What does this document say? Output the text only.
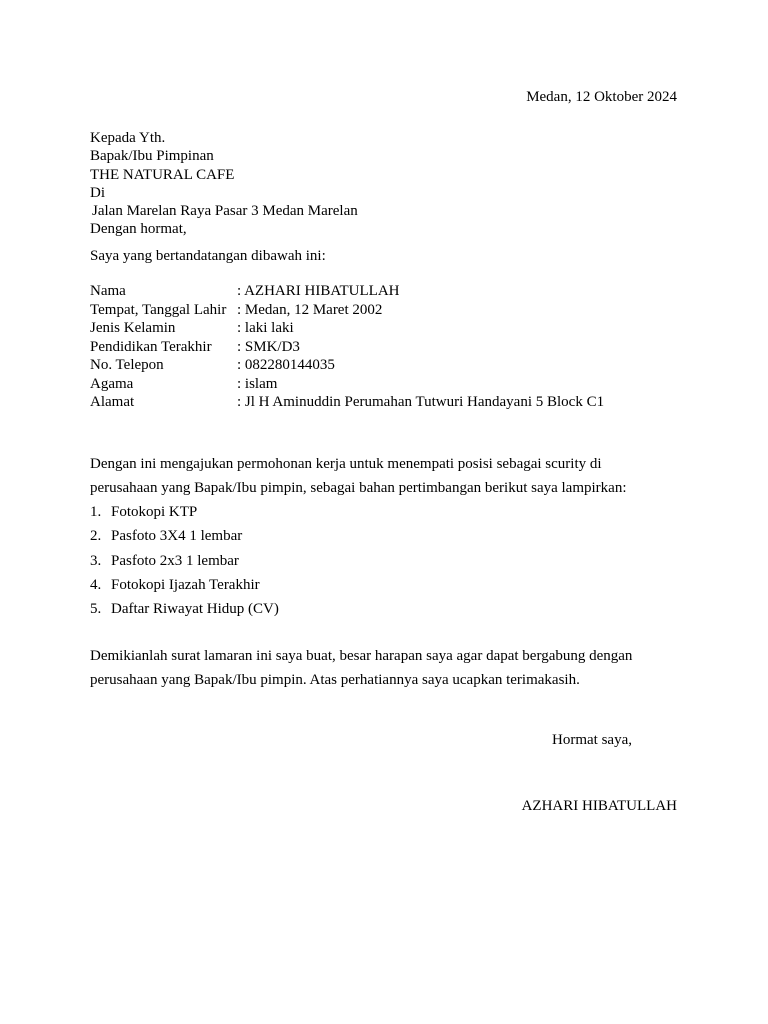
Medan, 12 Oktober 2024
Kepada Yth.
Bapak/Ibu Pimpinan
THE NATURAL CAFE
Di
Jalan Marelan Raya Pasar 3 Medan Marelan
Dengan hormat,
Saya yang bertandatangan dibawah ini:
Nama	: AZHARI HIBATULLAH
Tempat, Tanggal Lahir : Medan, 12 Maret 2002
Jenis Kelamin	: laki laki
Pendidikan Terakhir	: SMK/D3
No. Telepon	: 082280144035
Agama	: islam
Alamat	: Jl H Aminuddin Perumahan Tutwuri Handayani 5 Block C1
Dengan ini mengajukan permohonan kerja untuk menempati posisi sebagai scurity di
perusahaan yang Bapak/Ibu pimpin, sebagai bahan pertimbangan berikut saya lampirkan:
1. Fotokopi KTP
2. Pasfoto 3X4 1 lembar
3. Pasfoto 2x3 1 lembar
4. Fotokopi Ijazah Terakhir
5. Daftar Riwayat Hidup (CV)
Demikianlah surat lamaran ini saya buat, besar harapan saya agar dapat bergabung dengan
perusahaan yang Bapak/Ibu pimpin. Atas perhatiannya saya ucapkan terimakasih.
Hormat saya,
AZHARI HIBATULLAH
